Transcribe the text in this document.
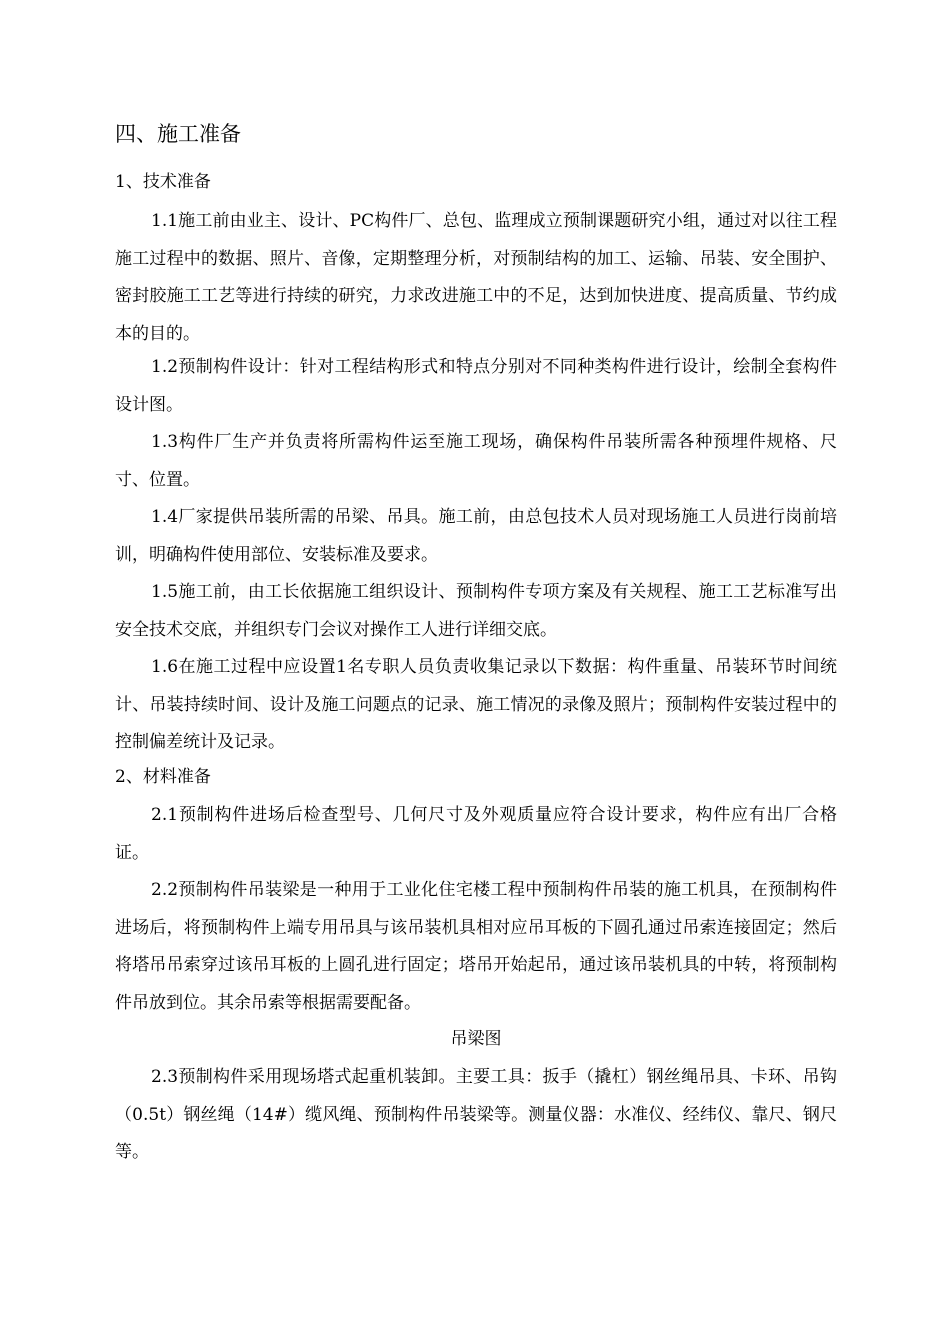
四、施工准备
1、技术准备

1.1施工前由业主、设计、PC构件厂、总包、监理成立预制课题研究小组，通过对以往工程施工过程中的数据、照片、音像，定期整理分析，对预制结构的加工、运输、吊装、安全围护、密封胶施工工艺等进行持续的研究，力求改进施工中的不足，达到加快进度、提高质量、节约成本的目的。

1.2预制构件设计：针对工程结构形式和特点分别对不同种类构件进行设计，绘制全套构件设计图。

1.3构件厂生产并负责将所需构件运至施工现场，确保构件吊装所需各种预埋件规格、尺寸、位置。

1.4厂家提供吊装所需的吊梁、吊具。施工前，由总包技术人员对现场施工人员进行岗前培训，明确构件使用部位、安装标准及要求。

1.5施工前，由工长依据施工组织设计、预制构件专项方案及有关规程、施工工艺标准写出安全技术交底，并组织专门会议对操作工人进行详细交底。

1.6在施工过程中应设置1名专职人员负责收集记录以下数据：构件重量、吊装环节时间统计、吊装持续时间、设计及施工问题点的记录、施工情况的录像及照片；预制构件安装过程中的控制偏差统计及记录。

2、材料准备

2.1预制构件进场后检查型号、几何尺寸及外观质量应符合设计要求，构件应有出厂合格证。

2.2预制构件吊装梁是一种用于工业化住宅楼工程中预制构件吊装的施工机具，在预制构件进场后，将预制构件上端专用吊具与该吊装机具相对应吊耳板的下圆孔通过吊索连接固定；然后将塔吊吊索穿过该吊耳板的上圆孔进行固定；塔吊开始起吊，通过该吊装机具的中转，将预制构件吊放到位。其余吊索等根据需要配备。

吊梁图

2.3预制构件采用现场塔式起重机装卸。主要工具：扳手（撬杠）钢丝绳吊具、卡环、吊钩（0.5t）钢丝绳（14#）缆风绳、预制构件吊装梁等。测量仪器：水准仪、经纬仪、靠尺、钢尺等。
